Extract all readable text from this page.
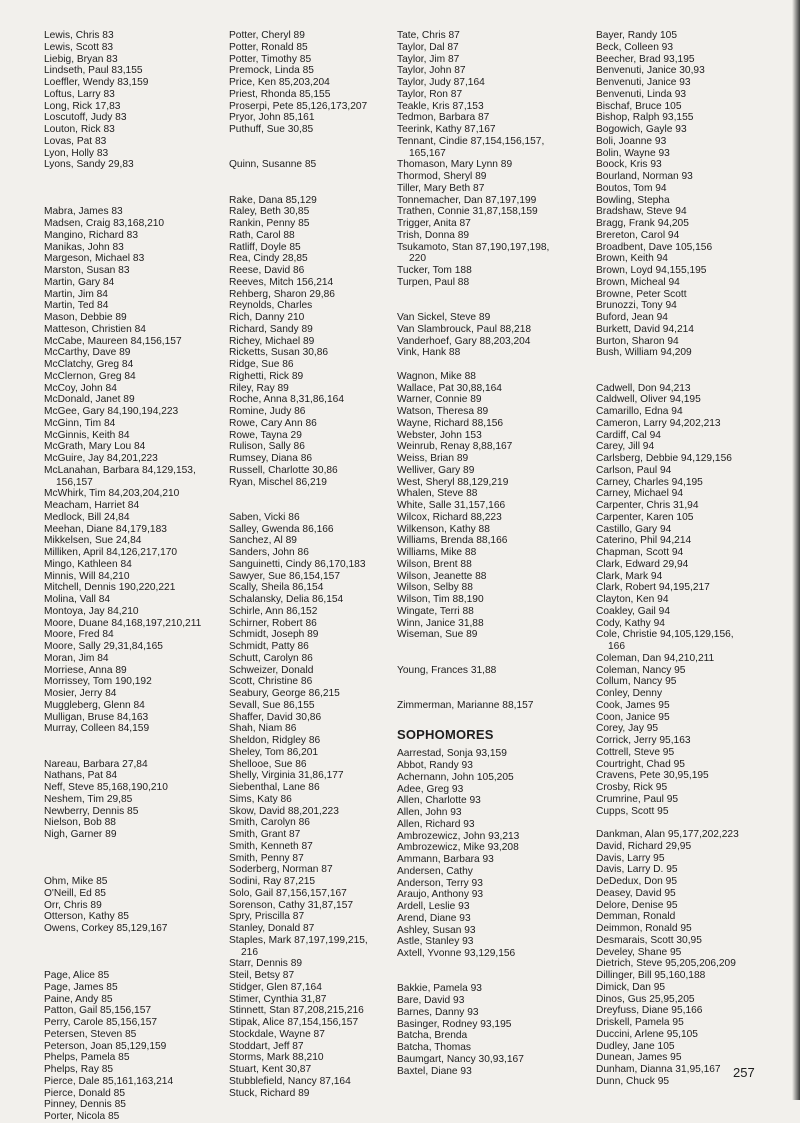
Lewis, Chris 83
Lewis, Scott 83
Liebig, Bryan 83
Lindseth, Paul 83,155
Loeffler, Wendy 83,159
Loftus, Larry 83
Long, Rick 17,83
Loscutoff, Judy 83
Louton, Rick 83
Lovas, Pat 83
Lyon, Holly 83
Lyons, Sandy 29,83
Mabra, James 83
Madsen, Craig 83,168,210
Mangino, Richard 83
Manikas, John 83
Margeson, Michael 83
Marston, Susan 83
Martin, Gary 84
Martin, Jim 84
Martin, Ted 84
Mason, Debbie 89
Matteson, Christien 84
McCabe, Maureen 84,156,157
McCarthy, Dave 89
McClatchy, Greg 84
McClernon, Greg 84
McCoy, John 84
McDonald, Janet 89
McGee, Gary 84,190,194,223
McGinn, Tim 84
McGinnis, Keith 84
McGrath, Mary Lou 84
McGuire, Jay 84,201,223
McLanahan, Barbara 84,129,153,
156,157
McWhirk, Tim 84,203,204,210
Meacham, Harriet 84
Medlock, Bill 24,84
Meehan, Diane 84,179,183
Mikkelsen, Sue 24,84
Milliken, April 84,126,217,170
Mingo, Kathleen 84
Minnis, Will 84,210
Mitchell, Dennis 190,220,221
Molina, Vall 84
Montoya, Jay 84,210
Moore, Duane 84,168,197,210,211
Moore, Fred 84
Moore, Sally 29,31,84,165
Moran, Jim 84
Morriese, Anna 89
Morrissey, Tom 190,192
Mosier, Jerry 84
Muggleberg, Glenn 84
Mulligan, Bruse 84,163
Murray, Colleen 84,159
Nareau, Barbara 27,84
Nathans, Pat 84
Neff, Steve 85,168,190,210
Neshem, Tim 29,85
Newberry, Dennis 85
Nielson, Bob 88
Nigh, Garner 89
Ohm, Mike 85
O'Neill, Ed 85
Orr, Chris 89
Otterson, Kathy 85
Owens, Corkey 85,129,167
Page, Alice 85
Page, James 85
Paine, Andy 85
Patton, Gail 85,156,157
Perry, Carole 85,156,157
Petersen, Steven 85
Peterson, Joan 85,129,159
Phelps, Pamela 85
Phelps, Ray 85
Pierce, Dale 85,161,163,214
Pierce, Donald 85
Pinney, Dennis 85
Porter, Nicola 85
Potter, Cheryl 89
Potter, Ronald 85
Potter, Timothy 85
Premock, Linda 85
Price, Ken 85,203,204
Priest, Rhonda 85,155
Proserpi, Pete 85,126,173,207
Pryor, John 85,161
Puthuff, Sue 30,85
Quinn, Susanne 85
Rake, Dana 85,129
Raley, Beth 30,85
Rankin, Penny 85
Rath, Carol 88
Ratliff, Doyle 85
Rea, Cindy 28,85
Reese, David 86
Reeves, Mitch 156,214
Rehberg, Sharon 29,86
Reynolds, Charles
Rich, Danny 210
Richard, Sandy 89
Richey, Michael 89
Ricketts, Susan 30,86
Ridge, Sue 86
Righetti, Rick 89
Riley, Ray 89
Roche, Anna 8,31,86,164
Romine, Judy 86
Rowe, Cary Ann 86
Rowe, Tayna 29
Rulison, Sally 86
Rumsey, Diana 86
Russell, Charlotte 30,86
Ryan, Mischel 86,219
Saben, Vicki 86
Salley, Gwenda 86,166
Sanchez, Al 89
Sanders, John 86
Sanguinetti, Cindy 86,170,183
Sawyer, Sue 86,154,157
Scally, Sheila 86,154
Schalansky, Delia 86,154
Schirle, Ann 86,152
Schirner, Robert 86
Schmidt, Joseph 89
Schmidt, Patty 86
Schutt, Carolyn 86
Schweizer, Donald
Scott, Christine 86
Seabury, George 86,215
Sevall, Sue 86,155
Shaffer, David 30,86
Shah, Niam 86
Sheldon, Ridgley 86
Sheley, Tom 86,201
Shellooe, Sue 86
Shelly, Virginia 31,86,177
Siebenthal, Lane 86
Sims, Katy 86
Skow, David 88,201,223
Smith, Carolyn 86
Smith, Grant 87
Smith, Kenneth 87
Smith, Penny 87
Soderberg, Norman 87
Sodini, Ray 87,215
Solo, Gail 87,156,157,167
Sorenson, Cathy 31,87,157
Spry, Priscilla 87
Stanley, Donald 87
Staples, Mark 87,197,199,215,
216
Starr, Dennis 89
Steil, Betsy 87
Stidger, Glen 87,164
Stimer, Cynthia 31,87
Stinnett, Stan 87,208,215,216
Stipak, Alice 87,154,156,157
Stockdale, Wayne 87
Stoddart, Jeff 87
Storms, Mark 88,210
Stuart, Kent 30,87
Stubblefield, Nancy 87,164
Stuck, Richard 89
Tate, Chris 87
Taylor, Dal 87
Taylor, Jim 87
Taylor, John 87
Taylor, Judy 87,164
Taylor, Ron 87
Teakle, Kris 87,153
Tedmon, Barbara 87
Teerink, Kathy 87,167
Tennant, Cindie 87,154,156,157,
165,167
Thomason, Mary Lynn 89
Thormod, Sheryl 89
Tiller, Mary Beth 87
Tonnemacher, Dan 87,197,199
Trathen, Connie 31,87,158,159
Trigger, Anita 87
Trish, Donna 89
Tsukamoto, Stan 87,190,197,198,
220
Tucker, Tom 188
Turpen, Paul 88
Van Sickel, Steve 89
Van Slambrouck, Paul 88,218
Vanderhoef, Gary 88,203,204
Vink, Hank 88
Wagnon, Mike 88
Wallace, Pat 30,88,164
Warner, Connie 89
Watson, Theresa 89
Wayne, Richard 88,156
Webster, John 153
Weinrub, Renay 8,88,167
Weiss, Brian 89
Welliver, Gary 89
West, Sheryl 88,129,219
Whalen, Steve 88
White, Salle 31,157,166
Wilcox, Richard 88,223
Wilkenson, Kathy 88
Williams, Brenda 88,166
Williams, Mike 88
Wilson, Brent 88
Wilson, Jeanette 88
Wilson, Selby 88
Wilson, Tim 88,190
Wingate, Terri 88
Winn, Janice 31,88
Wiseman, Sue 89
Young, Frances 31,88
Zimmerman, Marianne 88,157
SOPHOMORES
Aarrestad, Sonja 93,159
Abbot, Randy 93
Achernann, John 105,205
Adee, Greg 93
Allen, Charlotte 93
Allen, John 93
Allen, Richard 93
Ambrozewicz, John 93,213
Ambrozewicz, Mike 93,208
Ammann, Barbara 93
Andersen, Cathy
Anderson, Terry 93
Araujo, Anthony 93
Ardell, Leslie 93
Arend, Diane 93
Ashley, Susan 93
Astle, Stanley 93
Axtell, Yvonne 93,129,156
Bakkie, Pamela 93
Bare, David 93
Barnes, Danny 93
Basinger, Rodney 93,195
Batcha, Brenda
Batcha, Thomas
Baumgart, Nancy 30,93,167
Baxtel, Diane 93
Bayer, Randy 105
Beck, Colleen 93
Beecher, Brad 93,195
Benvenuti, Janice 30,93
Benvenuti, Janice 93
Benvenuti, Linda 93
Bischaf, Bruce 105
Bishop, Ralph 93,155
Bogowich, Gayle 93
Boli, Joanne 93
Bolin, Wayne 93
Boock, Kris 93
Bourland, Norman 93
Boutos, Tom 94
Bowling, Stepha
Bradshaw, Steve 94
Bragg, Frank 94,205
Brereton, Carol 94
Broadbent, Dave 105,156
Brown, Keith 94
Brown, Loyd 94,155,195
Brown, Micheal 94
Browne, Peter Scott
Brunozzi, Tony 94
Buford, Jean 94
Burkett, David 94,214
Burton, Sharon 94
Bush, William 94,209
Cadwell, Don 94,213
Caldwell, Oliver 94,195
Camarillo, Edna 94
Cameron, Larry 94,202,213
Cardiff, Cal 94
Carey, Jill 94
Carlsberg, Debbie 94,129,156
Carlson, Paul 94
Carney, Charles 94,195
Carney, Michael 94
Carpenter, Chris 31,94
Carpenter, Karen 105
Castillo, Gary 94
Caterino, Phil 94,214
Chapman, Scott 94
Clark, Edward 29,94
Clark, Mark 94
Clark, Robert 94,195,217
Clayton, Ken 94
Coakley, Gail 94
Cody, Kathy 94
Cole, Christie 94,105,129,156,
166
Coleman, Dan 94,210,211
Coleman, Nancy 95
Collum, Nancy 95
Conley, Denny
Cook, James 95
Coon, Janice 95
Corey, Jay 95
Corrick, Jerry 95,163
Cottrell, Steve 95
Courtright, Chad 95
Cravens, Pete 30,95,195
Crosby, Rick 95
Crumrine, Paul 95
Cupps, Scott 95
Dankman, Alan 95,177,202,223
David, Richard 29,95
Davis, Larry 95
Davis, Larry D. 95
DeDedux, Don 95
Deasey, David 95
Delore, Denise 95
Demman, Ronald
Deimmon, Ronald 95
Desmarais, Scott 30,95
Develey, Shane 95
Dietrich, Steve 95,205,206,209
Dillinger, Bill 95,160,188
Dimick, Dan 95
Dinos, Gus 25,95,205
Dreyfuss, Diane 95,166
Driskell, Pamela 95
Duccini, Arlene 95,105
Dudley, Jane 105
Dunean, James 95
Dunham, Dianna 31,95,167
Dunn, Chuck 95
257
